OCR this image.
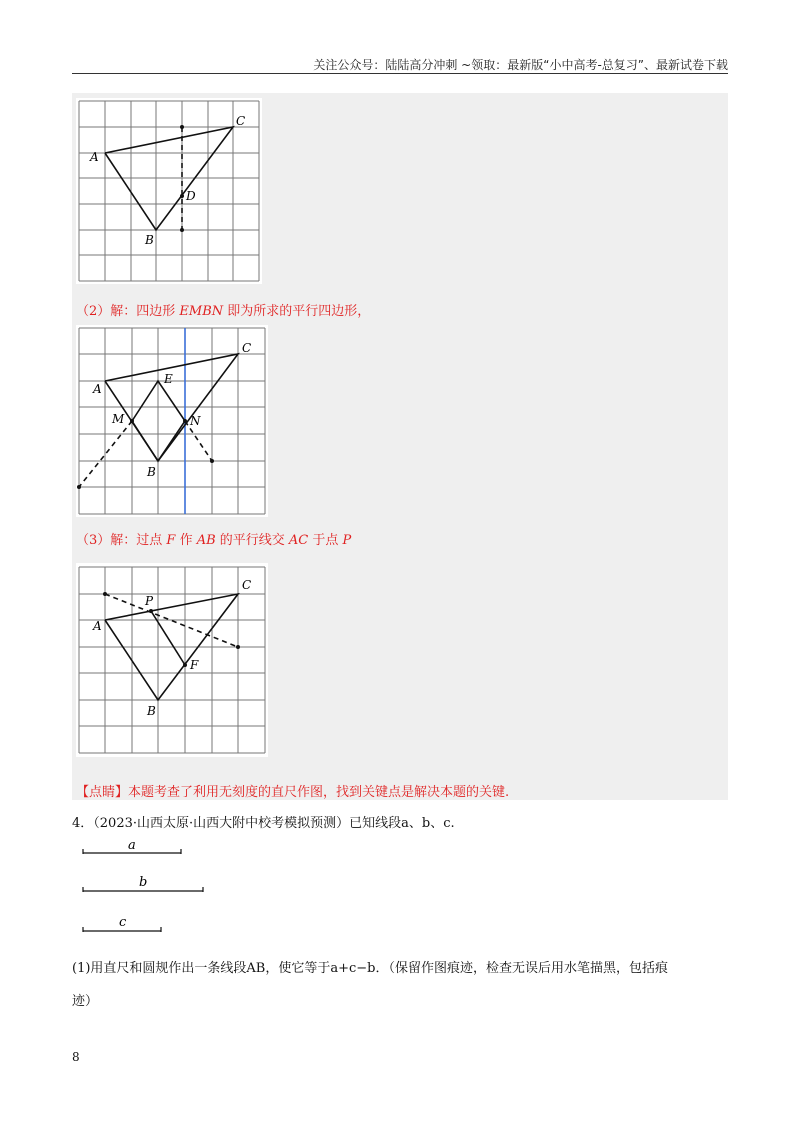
关注公众号：陆陆高分冲刺 ~领取：最新版“小中高考-总复习”、最新试卷下载
A
C
D
B
（2）解：四边形 EMBN 即为所求的平行四边形，
A
C
E
M	N
B
（3）解：过点 F 作 AB 的平行线交 AC 于点 P
A
C
P
F
B
【点睛】本题考查了利用无刻度的直尺作图，找到关键点是解决本题的关键.
4．（2023·山西太原·山西大附中校考模拟预测）已知线段a、b、c.
a
b
c
(1)用直尺和圆规作出一条线段AB，使它等于a+c−b．（保留作图痕迹，检查无误后用水笔描黑，包括痕
迹）
8
